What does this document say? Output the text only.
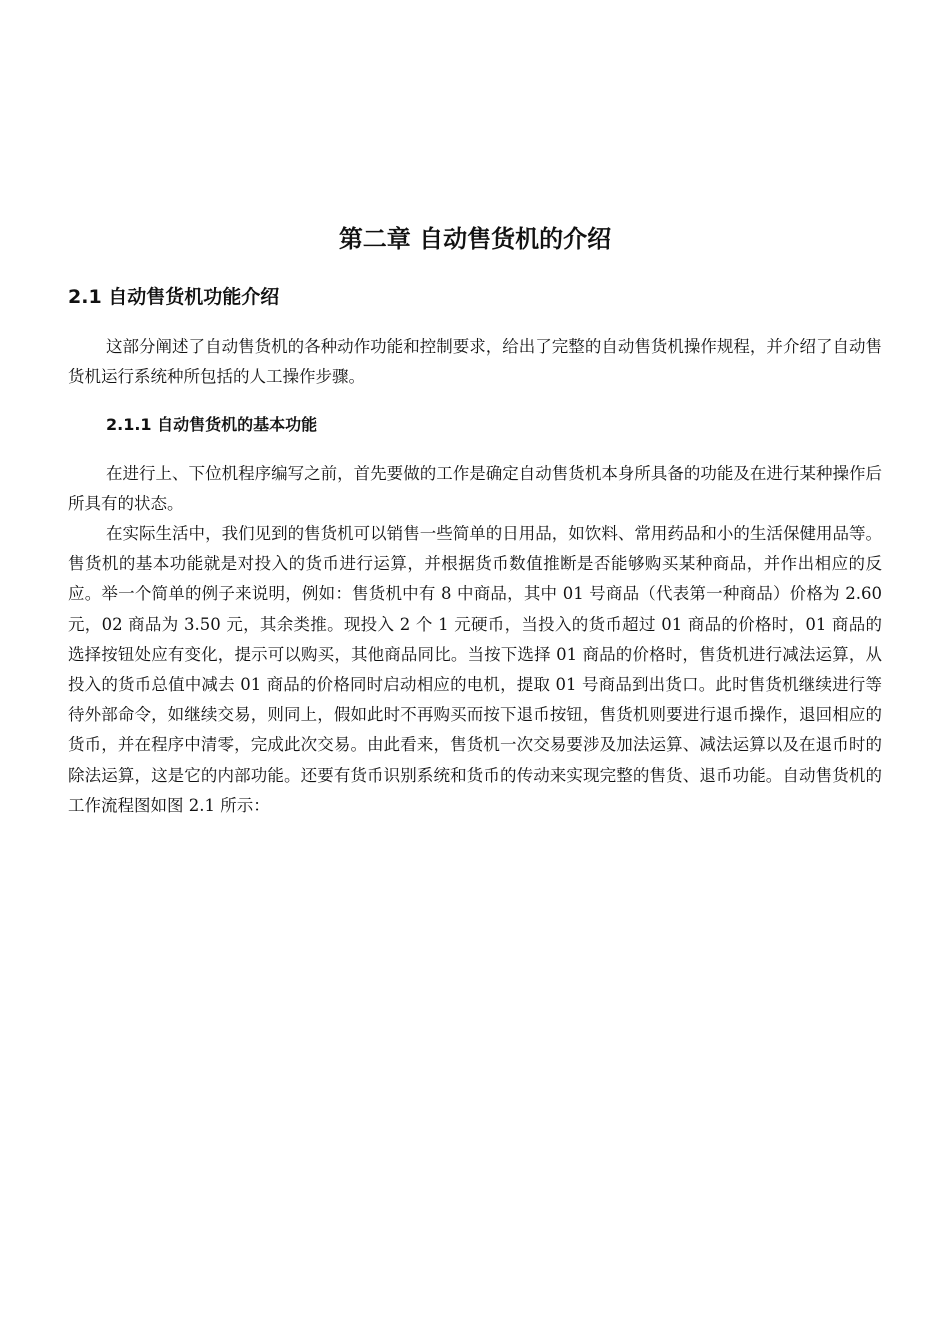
第二章 自动售货机的介绍
2.1 自动售货机功能介绍

这部分阐述了自动售货机的各种动作功能和控制要求，给出了完整的自动售货机操作规程，并介绍了自动售货机运行系统种所包括的人工操作步骤。

2.1.1 自动售货机的基本功能

在进行上、下位机程序编写之前，首先要做的工作是确定自动售货机本身所具备的功能及在进行某种操作后所具有的状态。

在实际生活中，我们见到的售货机可以销售一些简单的日用品，如饮料、常用药品和小的生活保健用品等。售货机的基本功能就是对投入的货币进行运算，并根据货币数值推断是否能够购买某种商品，并作出相应的反应。举一个简单的例子来说明，例如：售货机中有 8 中商品，其中 01 号商品（代表第一种商品）价格为 2.60 元，02 商品为 3.50 元，其余类推。现投入 2 个 1 元硬币，当投入的货币超过 01 商品的价格时，01 商品的选择按钮处应有变化，提示可以购买，其他商品同比。当按下选择 01 商品的价格时，售货机进行减法运算，从投入的货币总值中减去 01 商品的价格同时启动相应的电机，提取 01 号商品到出货口。此时售货机继续进行等待外部命令，如继续交易，则同上，假如此时不再购买而按下退币按钮，售货机则要进行退币操作，退回相应的货币，并在程序中清零，完成此次交易。由此看来，售货机一次交易要涉及加法运算、减法运算以及在退币时的除法运算，这是它的内部功能。还要有货币识别系统和货币的传动来实现完整的售货、退币功能。自动售货机的工作流程图如图 2.1 所示：
